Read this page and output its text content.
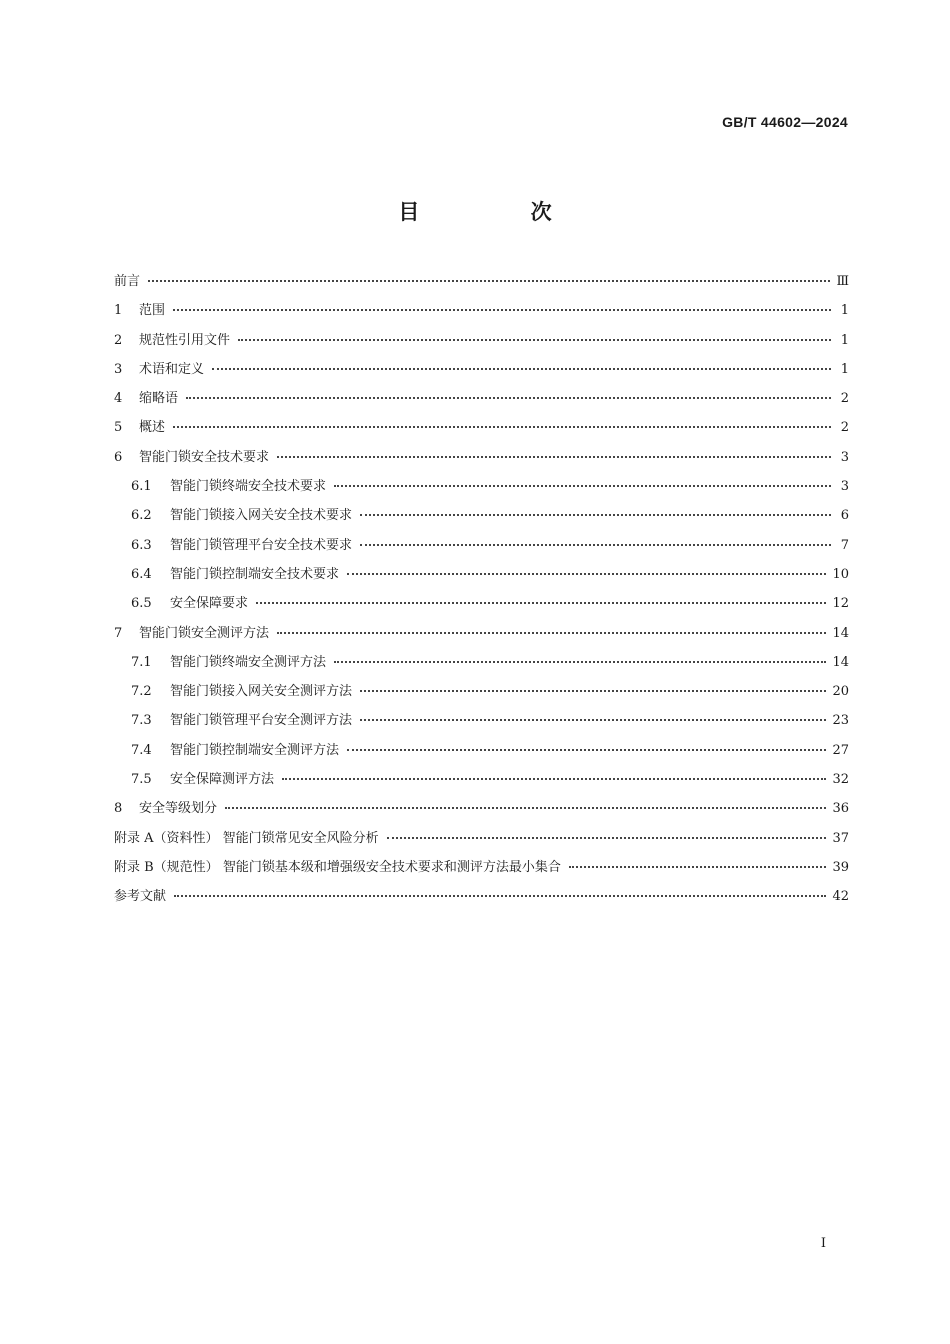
GB/T 44602—2024
目 次
前言	Ⅲ
1	范围	1
2	规范性引用文件	1
3	术语和定义	1
4	缩略语	2
5	概述	2
6	智能门锁安全技术要求	3
6.1	智能门锁终端安全技术要求	3
6.2	智能门锁接入网关安全技术要求	6
6.3	智能门锁管理平台安全技术要求	7
6.4	智能门锁控制端安全技术要求	10
6.5	安全保障要求	12
7	智能门锁安全测评方法	14
7.1	智能门锁终端安全测评方法	14
7.2	智能门锁接入网关安全测评方法	20
7.3	智能门锁管理平台安全测评方法	23
7.4	智能门锁控制端安全测评方法	27
7.5	安全保障测评方法	32
8	安全等级划分	36
附录 A（资料性） 智能门锁常见安全风险分析	37
附录 B（规范性） 智能门锁基本级和增强级安全技术要求和测评方法最小集合	39
参考文献	42
I
